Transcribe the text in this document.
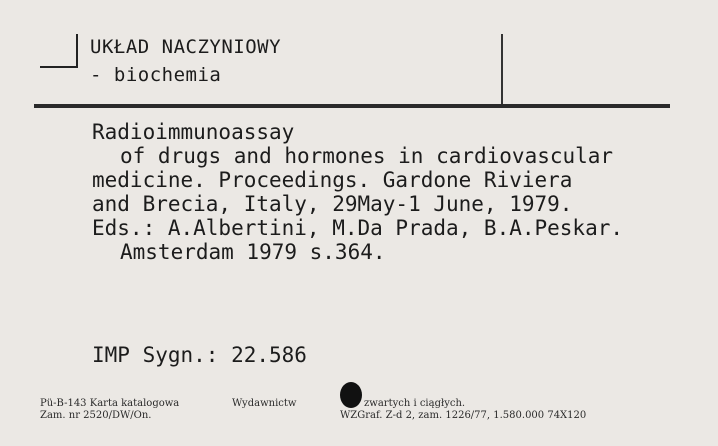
UKŁAD NACZYNIOWY
- biochemia
Radioimmunoassay
of drugs and hormones in cardiovascular
medicine. Proceedings. Gardone Riviera
and Brecia, Italy, 29May-1 June, 1979.
Eds.: A.Albertini, M.Da Prada, B.A.Peskar.
Amsterdam 1979 s.364.
IMP Sygn.: 22.586
Pü-B-143 Karta katalogowa	Wydawnictw	zwartych i ciągłych.
Zam. nr 2520/DW/On.	WZGraf. Z-d 2, zam. 1226/77, 1.580.000 74X120
